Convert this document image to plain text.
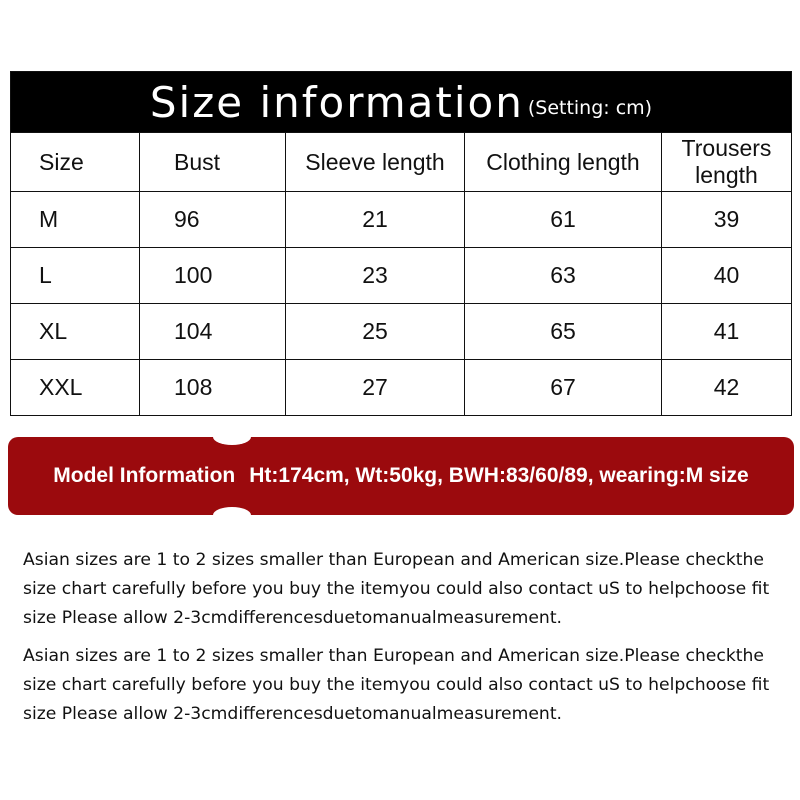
Size information (Setting: cm)
Size	Bust	Sleeve length	Clothing length	Trousers length
M	96	21	61	39
L	100	23	63	40
XL	104	25	65	41
XXL	108	27	67	42
Model Information Ht:174cm, Wt:50kg, BWH:83/60/89, wearing:M size

Asian sizes are 1 to 2 sizes smaller than European and American size.Please checkthe size chart carefully before you buy the itemyou could also contact uS to helpchoose fit size Please allow 2-3cmdifferencesduetomanualmeasurement.

Asian sizes are 1 to 2 sizes smaller than European and American size.Please checkthe size chart carefully before you buy the itemyou could also contact uS to helpchoose fit size Please allow 2-3cmdifferencesduetomanualmeasurement.
